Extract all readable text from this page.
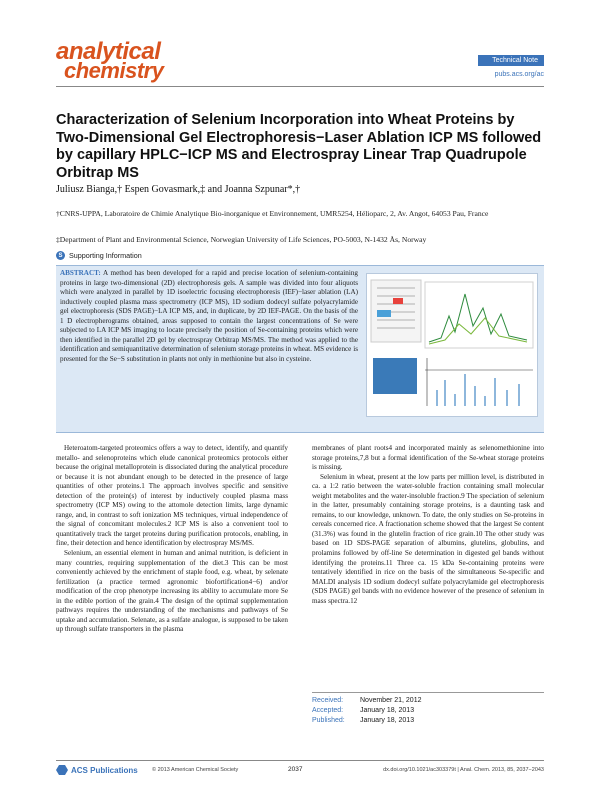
analytical
chemistry	Technical Note
pubs.acs.org/ac
Characterization of Selenium Incorporation into Wheat Proteins by Two-Dimensional Gel Electrophoresis−Laser Ablation ICP MS followed by capillary HPLC−ICP MS and Electrospray Linear Trap Quadrupole Orbitrap MS
Juliusz Bianga,† Espen Govasmark,‡ and Joanna Szpunar*,†
†CNRS-UPPA, Laboratoire de Chimie Analytique Bio-inorganique et Environnement, UMR5254, Hélioparc, 2, Av. Angot, 64053 Pau, France
‡Department of Plant and Environmental Science, Norwegian University of Life Sciences, PO-5003, N-1432 Ås, Norway
S Supporting Information

ABSTRACT: A method has been developed for a rapid and precise location of selenium-containing proteins in large two-dimensional (2D) electrophoresis gels. A sample was divided into four aliquots which were analyzed in parallel by 1D isoelectric focusing electrophoresis (IEF)−laser ablation (LA) inductively coupled plasma mass spectrometry (ICP MS), 1D sodium dodecyl sulfate polyacrylamide gel electrophoresis (SDS PAGE)−LA ICP MS, and, in duplicate, by 2D IEF-PAGE. On the basis of the 1 D electropherograms obtained, areas supposed to contain the largest concentrations of Se were subjected to LA ICP MS imaging to locate precisely the position of Se-containing proteins which were then identified in the parallel 2D gel by electrospray Orbitrap MS/MS. The method was applied to the identification and semiquantitative determination of selenium storage proteins in wheat. MS evidence is presented for the Se−S substitution in plants not only in methionine but also in cysteine.

Heteroatom-targeted proteomics offers a way to detect, identify, and quantify metallo- and selenoproteins which elude canonical proteomics protocols either because the original metalloprotein is dissociated during the analytical procedure or because it is not abundant enough to be detected in the presence of large quantities of other proteins.1 The approach involves specific and sensitive detection of the protein(s) of interest by inductively coupled plasma mass spectrometry (ICP MS) owing to the attomole detection limits, large dynamic range, and, in contrast to soft ionization MS techniques, virtual independence of the signal of concomitant molecules.2 ICP MS is also a convenient tool to quantitatively track the target proteins during purification protocols, enabling, in fine, their detection and hence identification by electrospray MS/MS.

Selenium, an essential element in human and animal nutrition, is deficient in many countries, requiring supplementation of the diet.3 This can be most conveniently achieved by the enrichment of staple food, e.g. wheat, by selenate fertilization (a practice termed agronomic biofortification4−6) and/or modification of the crop phenotype increasing its ability to accumulate more Se in the edible portion of the grain.4 The design of the optimal supplementation pathways requires the understanding of the mechanisms and pathways of Se uptake and accumulation. Selenate, as a sulfate analogue, is supposed to be taken up through sulfate transporters in the plasma

membranes of plant roots4 and incorporated mainly as selenomethionine into storage proteins,7,8 but a formal identification of the Se-wheat storage proteins is missing.

Selenium in wheat, present at the low parts per million level, is distributed in ca. a 1:2 ratio between the water-soluble fraction containing small molecular weight metabolites and the water-insoluble fraction.9 The speciation of selenium in the latter, presumably containing storage proteins, is a daunting task and remains, to our knowledge, unknown. To date, the only studies on Se-proteins in cereals concerned rice. A fractionation scheme showed that the largest Se content (31.3%) was found in the glutelin fraction of rice grain.10 The other study was based on 1D SDS-PAGE separation of albumins, glutelins, globulins, and prolamins followed by off-line Se determination in digested gel bands without identifying the proteins.11 Three ca. 15 kDa Se-containing proteins were tentatively identified in rice on the basis of the simultaneous Se-specific and MALDI analysis 1D sodium dodecyl sulfate polyacrylamide gel electrophoresis (SDS PAGE) gel bands with no evidence however of the presence of selenium in mass spectra.12

Received:	November 21, 2012
Accepted:	January 18, 2013
Published:	January 18, 2013
ACS Publications	© 2013 American Chemical Society	2037	dx.doi.org/10.1021/ac303379t | Anal. Chem. 2013, 85, 2037−2043
